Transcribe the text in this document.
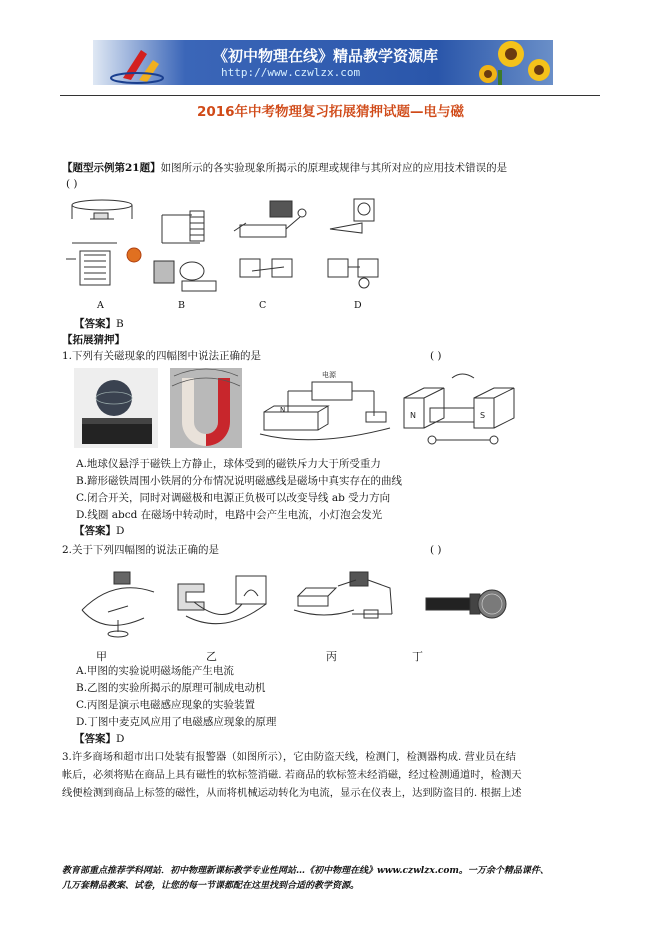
《初中物理在线》精品教学资源库
http://www.czwlzx.com
2016年中考物理复习拓展猜押试题—电与磁
【题型示例第21题】如图所示的各实验现象所揭示的原理或规律与其所对应的应用技术错误的是
( )
A	B	C	D
【答案】B
【拓展猜押】
1.下列有关磁现象的四幅图中说法正确的是	( )
电源
N
N	S
A.地球仪悬浮于磁铁上方静止，球体受到的磁铁斥力大于所受重力
B.蹄形磁铁周围小铁屑的分布情况说明磁感线是磁场中真实存在的曲线
C.闭合开关，同时对调磁极和电源正负极可以改变导线 ab 受力方向
D.线圈 abcd 在磁场中转动时，电路中会产生电流，小灯泡会发光
【答案】D
2.关于下列四幅图的说法正确的是	( )
甲	乙	丙	丁
A.甲图的实验说明磁场能产生电流
B.乙图的实验所揭示的原理可制成电动机
C.丙图是演示电磁感应现象的实验装置
D.丁图中麦克风应用了电磁感应现象的原理
【答案】D
3.许多商场和超市出口处装有报警器（如图所示），它由防盗天线，检测门，检测器构成. 营业员在结
帐后，必须将贴在商品上具有磁性的软标签消磁. 若商品的软标签未经消磁，经过检测通道时，检测天
线便检测到商品上标签的磁性，从而将机械运动转化为电流，显示在仪表上，达到防盗目的. 根据上述
教育部重点推荐学科网站．初中物理新课标教学专业性网站…《初中物理在线》www.czwlzx.com。一万余个精品课件、
几万套精品教案、试卷，让您的每一节课都配在这里找到合适的教学资源。
